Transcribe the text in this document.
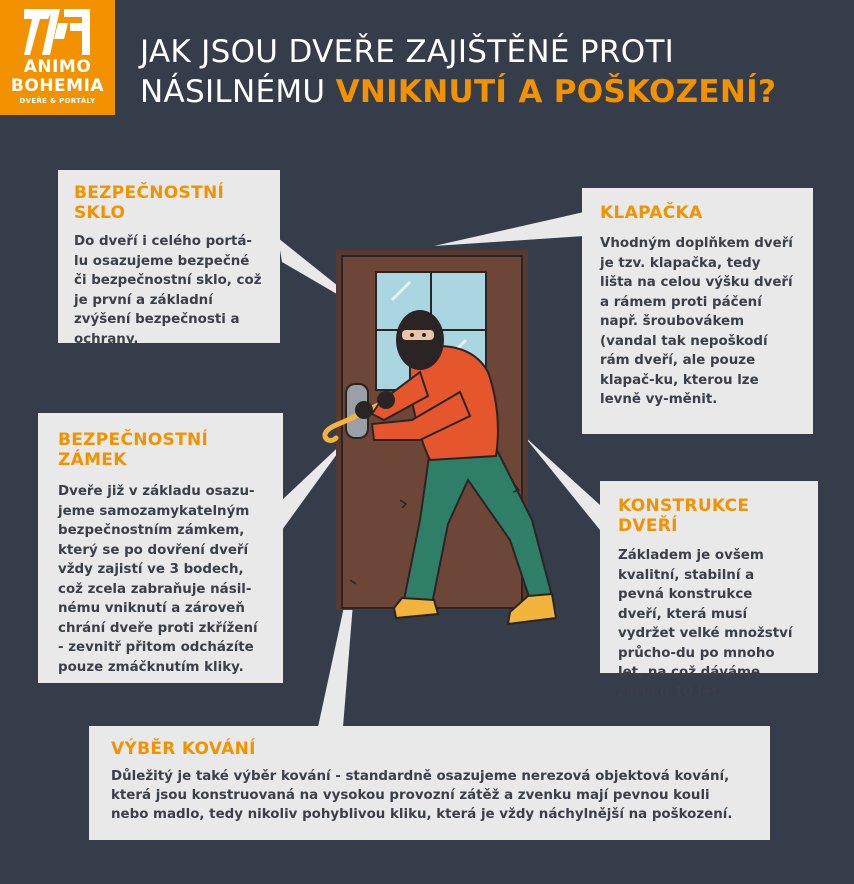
ANIMO
BOHEMIA
DVEŘE & PORTÁLY
JAK JSOU DVEŘE ZAJIŠTĚNÉ PROTI
NÁSILNÉMU VNIKNUTÍ A POŠKOZENÍ?
BEZPEČNOSTNÍ SKLO

Do dveří i celého portá-lu osazujeme bezpečné či bezpečnostní sklo, což je první a základní zvýšení bezpečnosti a ochrany.

KLAPAČKA

Vhodným doplňkem dveří je tzv. klapačka, tedy lišta na celou výšku dveří a rámem proti páčení např. šroubovákem (vandal tak nepoškodí rám dveří, ale pouze klapač-ku, kterou lze levně vy-měnit.

BEZPEČNOSTNÍ ZÁMEK

Dveře již v základu osazu-jeme samozamykatelným bezpečnostním zámkem, který se po dovření dveří vždy zajistí ve 3 bodech, což zcela zabraňuje násil-nému vniknutí a zároveň chrání dveře proti zkřížení - zevnitř přitom odcházíte pouze zmáčknutím kliky.

KONSTRUKCE DVEŘÍ

Základem je ovšem kvalitní, stabilní a pevná konstrukce dveří, která musí vydržet velké množství průcho-du po mnoho let, na což dáváme záruku 10 let.

VÝBĚR KOVÁNÍ

Důležitý je také výběr kování - standardně osazujeme nerezová objektová kování, která jsou konstruovaná na vysokou provozní zátěž a zvenku mají pevnou kouli nebo madlo, tedy nikoliv pohyblivou kliku, která je vždy náchylnější na poškození.
